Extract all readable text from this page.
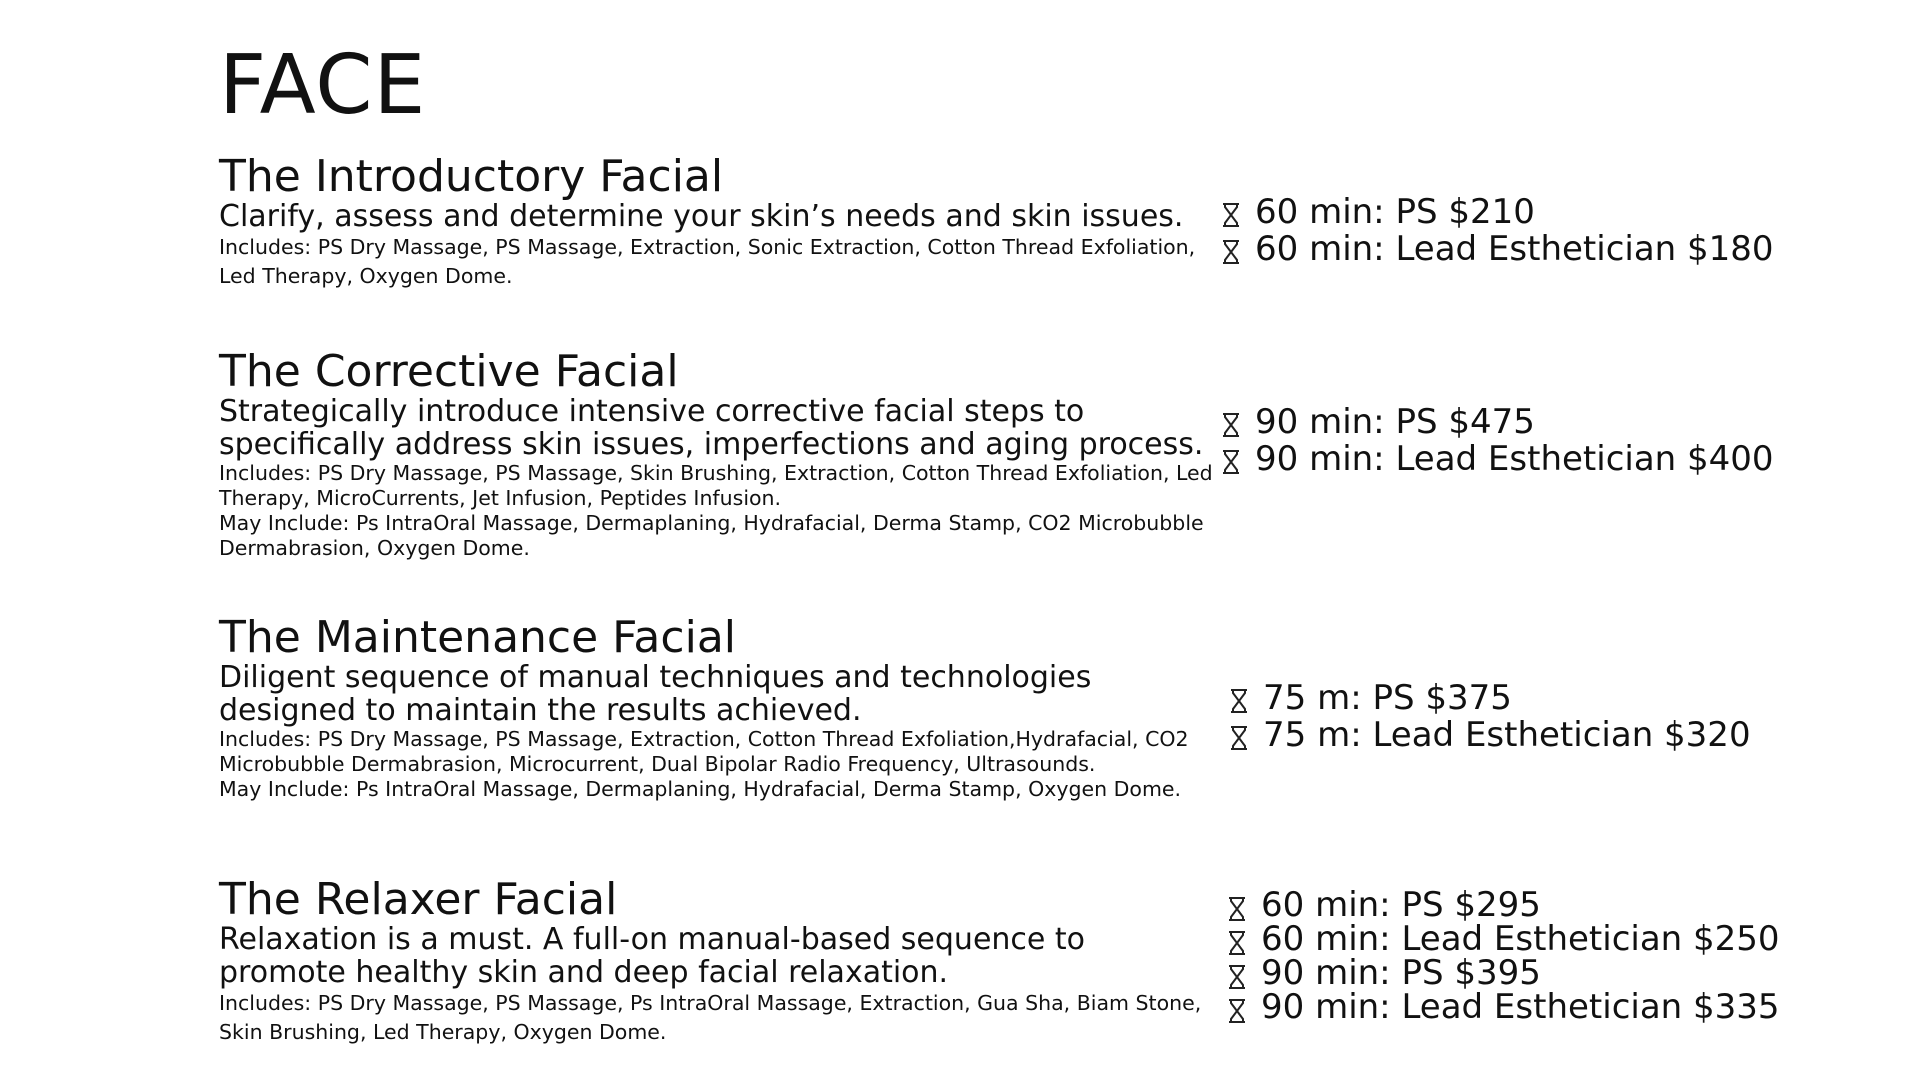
FACE
The Introductory Facial

Clarify, assess and determine your skin’s needs and skin issues.

Includes: PS Dry Massage, PS Massage, Extraction, Sonic Extraction, Cotton Thread Exfoliation, Led Therapy, Oxygen Dome.

60 min: PS $210
60 min: Lead Esthetician $180
The Corrective Facial

Strategically introduce intensive corrective facial steps to specifically address skin issues, imperfections and aging process.

Includes: PS Dry Massage, PS Massage, Skin Brushing, Extraction, Cotton Thread Exfoliation, Led Therapy, MicroCurrents, Jet Infusion, Peptides Infusion.

May Include: Ps IntraOral Massage, Dermaplaning, Hydrafacial, Derma Stamp, CO2 Microbubble Dermabrasion, Oxygen Dome.

90 min: PS $475
90 min: Lead Esthetician $400
The Maintenance Facial

Diligent sequence of manual techniques and technologies designed to maintain the results achieved.

Includes: PS Dry Massage, PS Massage, Extraction, Cotton Thread Exfoliation,Hydrafacial, CO2 Microbubble Dermabrasion, Microcurrent, Dual Bipolar Radio Frequency, Ultrasounds.

May Include: Ps IntraOral Massage, Dermaplaning, Hydrafacial, Derma Stamp, Oxygen Dome.

75 m: PS $375
75 m: Lead Esthetician $320
The Relaxer Facial

Relaxation is a must. A full-on manual-based sequence to promote healthy skin and deep facial relaxation.

Includes: PS Dry Massage, PS Massage, Ps IntraOral Massage, Extraction, Gua Sha, Biam Stone, Skin Brushing, Led Therapy, Oxygen Dome.

60 min: PS $295
60 min: Lead Esthetician $250
90 min: PS $395
90 min: Lead Esthetician $335
